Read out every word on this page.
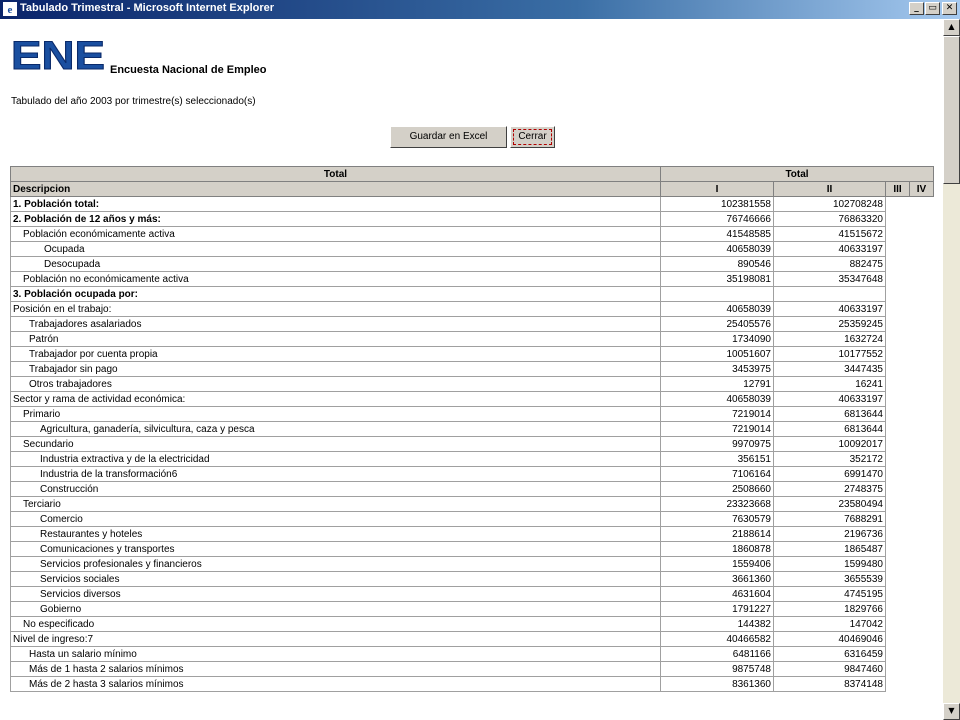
e Tabulado Trimestral - Microsoft Internet Explorer	_	▭ ✕
ENE Encuesta Nacional de Empleo
Tabulado del año 2003 por trimestre(s) seleccionado(s)
Guardar en Excel	Cerrar
Total	Total			
Descripcion	I	II	III	IV
1. Población total:	102381558	102708248		
2. Población de 12 años y más:	76746666	76863320		
Población económicamente activa	41548585	41515672		
Ocupada	40658039	40633197		
Desocupada	890546	882475		
Población no económicamente activa	35198081	35347648		
3. Población ocupada por:				
Posición en el trabajo:	40658039	40633197		
Trabajadores asalariados	25405576	25359245		
Patrón	1734090	1632724		
Trabajador por cuenta propia	10051607	10177552		
Trabajador sin pago	3453975	3447435		
Otros trabajadores	12791	16241		
Sector y rama de actividad económica:	40658039	40633197		
Primario	7219014	6813644		
Agricultura, ganadería, silvicultura, caza y pesca	7219014	6813644		
Secundario	9970975	10092017		
Industria extractiva y de la electricidad	356151	352172		
Industria de la transformación6	7106164	6991470		
Construcción	2508660	2748375		
Terciario	23323668	23580494		
Comercio	7630579	7688291		
Restaurantes y hoteles	2188614	2196736		
Comunicaciones y transportes	1860878	1865487		
Servicios profesionales y financieros	1559406	1599480		
Servicios sociales	3661360	3655539		
Servicios diversos	4631604	4745195		
Gobierno	1791227	1829766		
No especificado	144382	147042		
Nivel de ingreso:7	40466582	40469046		
Hasta un salario mínimo	6481166	6316459		
Más de 1 hasta 2 salarios mínimos	9875748	9847460		
Más de 2 hasta 3 salarios mínimos	8361360	8374148		
▲
▼
